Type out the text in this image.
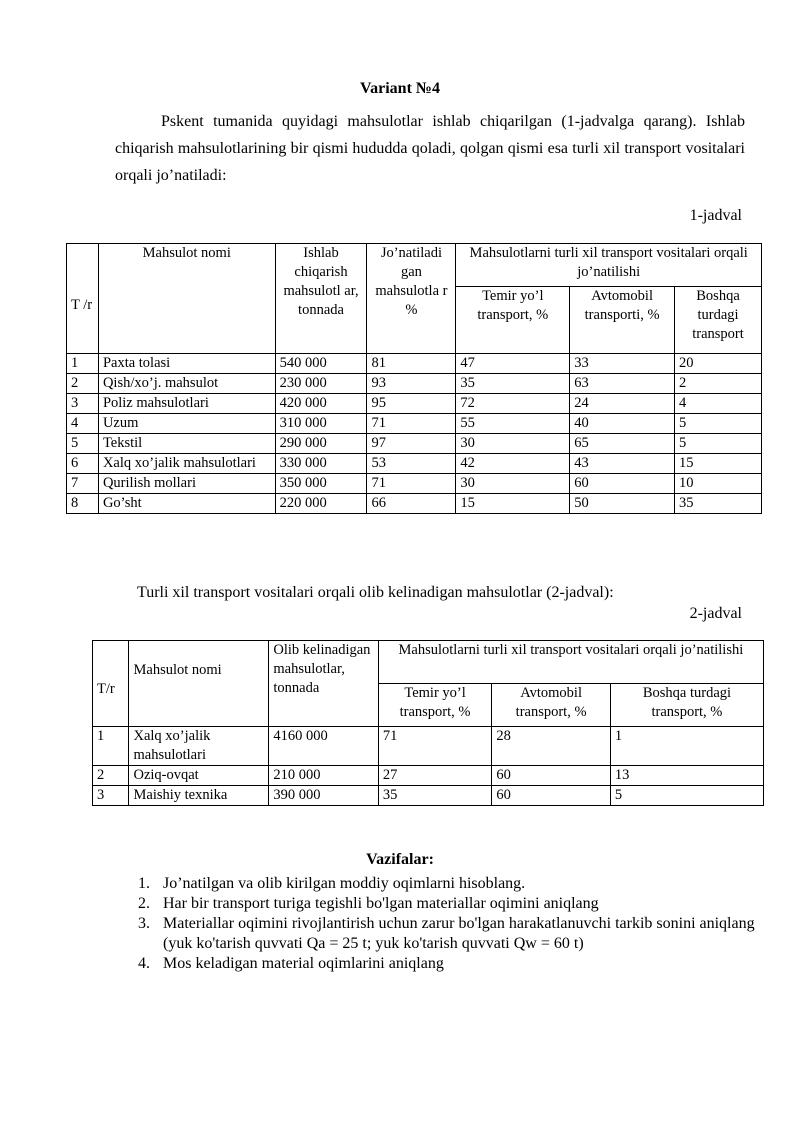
Variant №4
Pskent tumanida quyidagi mahsulotlar ishlab chiqarilgan (1-jadvalga qarang). Ishlab chiqarish mahsulotlarining bir qismi hududda qoladi, qolgan qismi esa turli xil transport vositalari orqali jo’natiladi:
1-jadval
T /r	Mahsulot nomi	Ishlab chiqarish mahsulotl ar, tonnada	Jo’natiladi gan mahsulotla r %	Mahsulotlarni turli xil transport vositalari orqali jo’natilishi		
				Temir yo’l transport, %	Avtomobil transporti, %	Boshqa turdagi transport
1	Paxta tolasi	540 000	81	47	33	20
2	Qish/xo’j. mahsulot	230 000	93	35	63	2
3	Poliz mahsulotlari	420 000	95	72	24	4
4	Uzum	310 000	71	55	40	5
5	Tekstil	290 000	97	30	65	5
6	Xalq xo’jalik mahsulotlari	330 000	53	42	43	15
7	Qurilish mollari	350 000	71	30	60	10
8	Go’sht	220 000	66	15	50	35
Turli xil transport vositalari orqali olib kelinadigan mahsulotlar (2-jadval):
2-jadval
T/r	Mahsulot nomi	Olib kelinadigan mahsulotlar, tonnada	Mahsulotlarni turli xil transport vositalari orqali jo’natilishi		
			Temir yo’l transport, %	Avtomobil transport, %	Boshqa turdagi transport, %
1	Xalq xo’jalik mahsulotlari	4160 000	71	28	1
2	Oziq-ovqat	210 000	27	60	13
3	Maishiy texnika	390 000	35	60	5
Vazifalar:
1. Jo’natilgan va olib kirilgan moddiy oqimlarni hisoblang.
2. Har bir transport turiga tegishli bo'lgan materiallar oqimini aniqlang
3. Materiallar oqimini rivojlantirish uchun zarur bo'lgan harakatlanuvchi tarkib sonini aniqlang (yuk ko'tarish quvvati Qa = 25 t; yuk ko'tarish quvvati Qw = 60 t)
4. Mos keladigan material oqimlarini aniqlang
